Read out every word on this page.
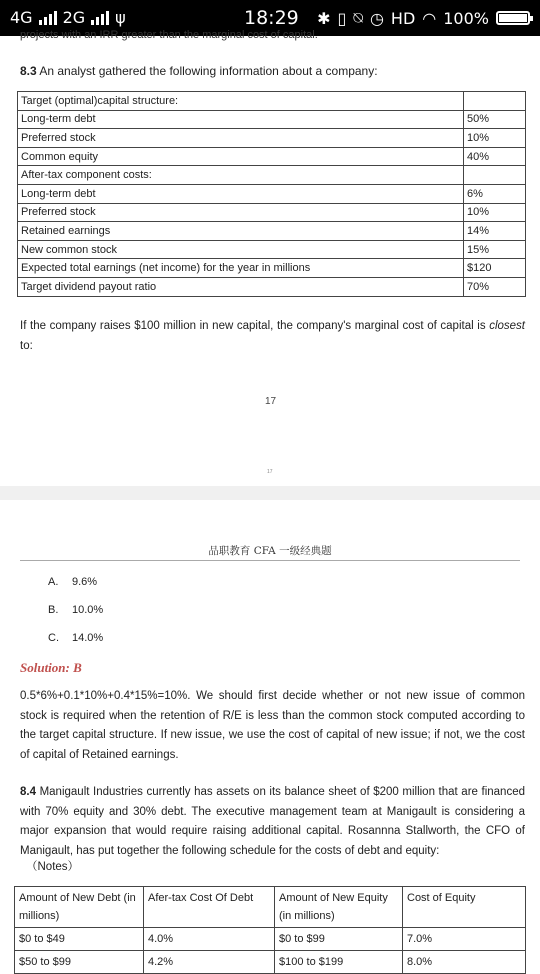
4G 2G ψ	18:29 ✱ ▯ ⍉ ◷ HD ◠ 100%
projects with an IRR greater than the marginal cost of capital.
8.3 An analyst gathered the following information about a company:
Target (optimal)capital structure:	
Long-term debt	50%
Preferred stock	10%
Common equity	40%
After-tax component costs:	
Long-term debt	6%
Preferred stock	10%
Retained earnings	14%
New common stock	15%
Expected total earnings (net income) for the year in millions	$120
Target dividend payout ratio	70%
If the company raises $100 million in new capital, the company's marginal cost of capital is closest to:
17
17
品职教育 CFA 一级经典题
A. 9.6%
B. 10.0%
C. 14.0%
Solution: B
0.5*6%+0.1*10%+0.4*15%=10%. We should first decide whether or not new issue of common stock is required when the retention of R/E is less than the common stock computed according to the target capital structure. If new issue, we use the cost of capital of new issue; if not, we the cost of capital of Retained earnings.
8.4 Manigault Industries currently has assets on its balance sheet of $200 million that are financed with 70% equity and 30% debt. The executive management team at Manigault is considering a major expansion that would require raising additional capital. Rosannna Stallworth, the CFO of Manigault, has put together the following schedule for the costs of debt and equity:
（Notes）
Amount of New Debt (in millions)	Afer-tax Cost Of Debt	Amount of New Equity (in millions)	Cost of Equity
$0 to $49	4.0%	$0 to $99	7.0%
$50 to $99	4.2%	$100 to $199	8.0%
